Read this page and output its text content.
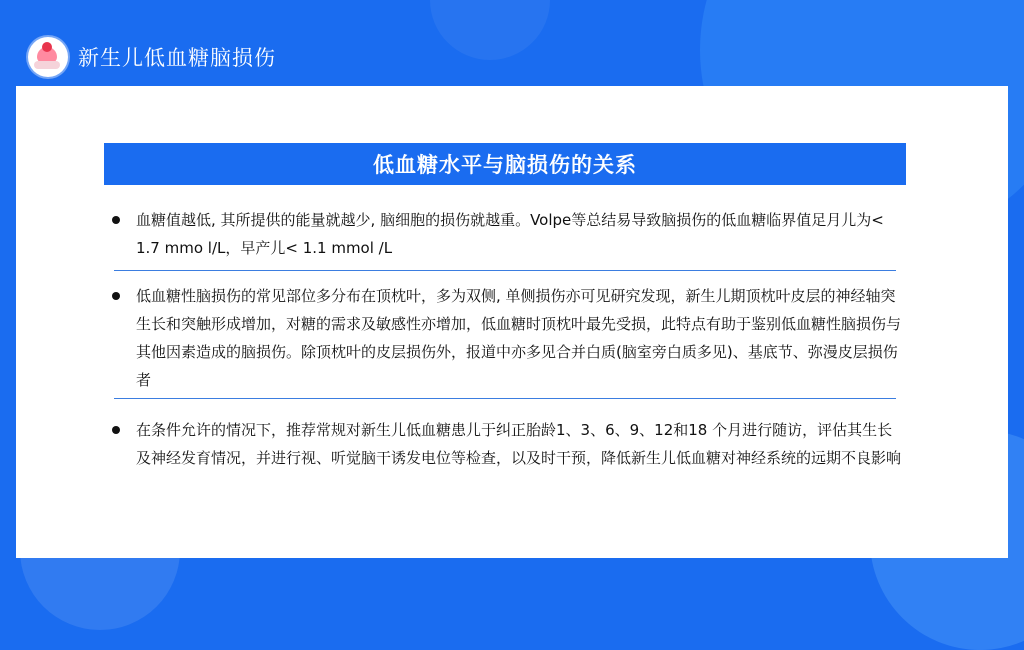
新生儿低血糖脑损伤
低血糖水平与脑损伤的关系
血糖值越低, 其所提供的能量就越少, 脑细胞的损伤就越重。Volpe等总结易导致脑损伤的低血糖临界值足月儿为< 1.7 mmo l/L，早产儿< 1.1 mmol /L
低血糖性脑损伤的常见部位多分布在顶枕叶，多为双侧, 单侧损伤亦可见研究发现，新生儿期顶枕叶皮层的神经轴突生长和突触形成增加，对糖的需求及敏感性亦增加，低血糖时顶枕叶最先受损，此特点有助于鉴别低血糖性脑损伤与其他因素造成的脑损伤。除顶枕叶的皮层损伤外，报道中亦多见合并白质(脑室旁白质多见)、基底节、弥漫皮层损伤者
在条件允许的情况下，推荐常规对新生儿低血糖患儿于纠正胎龄1、3、6、9、12和18 个月进行随访，评估其生长及神经发育情况，并进行视、听觉脑干诱发电位等检查，以及时干预，降低新生儿低血糖对神经系统的远期不良影响
